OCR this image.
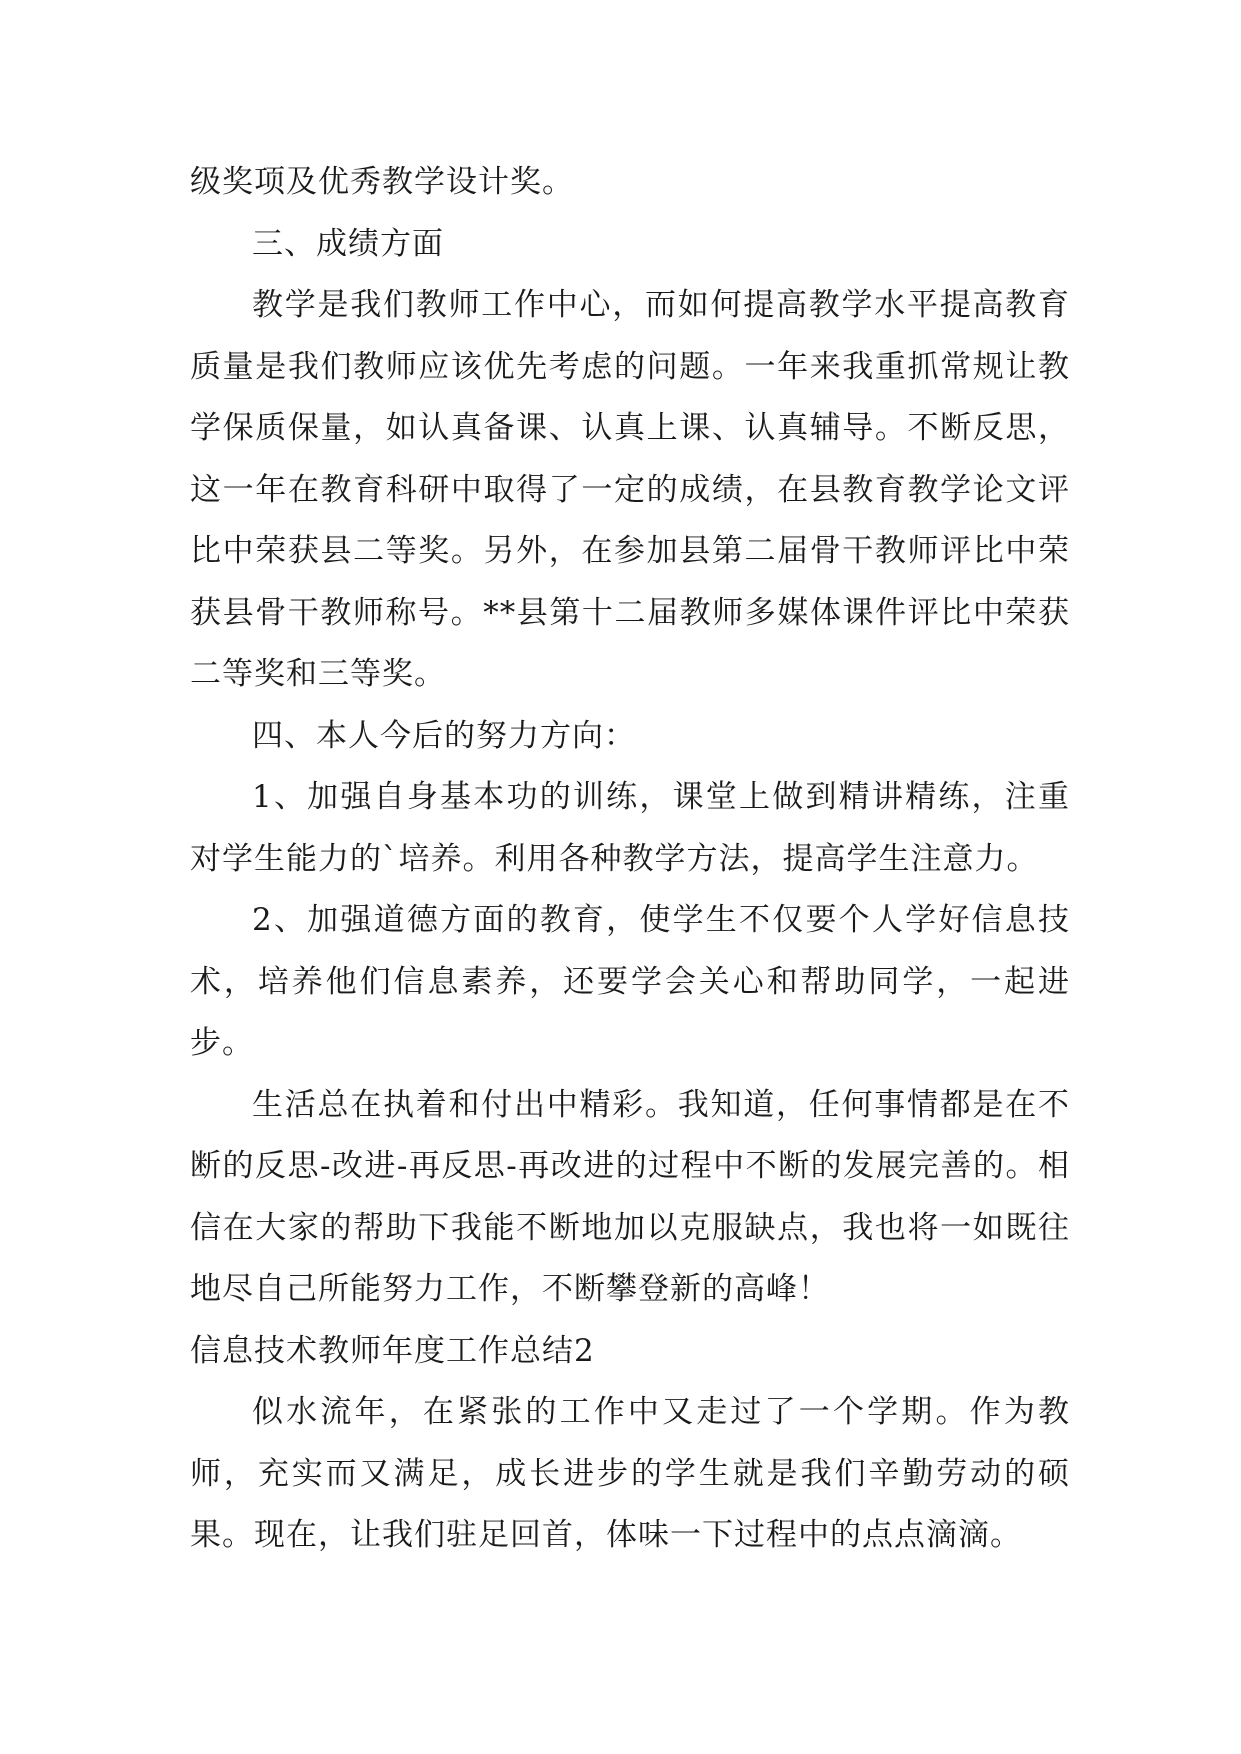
级奖项及优秀教学设计奖。

三、成绩方面

教学是我们教师工作中心，而如何提高教学水平提高教育质量是我们教师应该优先考虑的问题。一年来我重抓常规让教学保质保量，如认真备课、认真上课、认真辅导。不断反思，这一年在教育科研中取得了一定的成绩，在县教育教学论文评比中荣获县二等奖。另外，在参加县第二届骨干教师评比中荣获县骨干教师称号。**县第十二届教师多媒体课件评比中荣获二等奖和三等奖。

四、本人今后的努力方向：

1、加强自身基本功的训练，课堂上做到精讲精练，注重对学生能力的`培养。利用各种教学方法，提高学生注意力。

2、加强道德方面的教育，使学生不仅要个人学好信息技术，培养他们信息素养，还要学会关心和帮助同学，一起进步。

生活总在执着和付出中精彩。我知道，任何事情都是在不断的反思-改进-再反思-再改进的过程中不断的发展完善的。相信在大家的帮助下我能不断地加以克服缺点，我也将一如既往地尽自己所能努力工作，不断攀登新的高峰！

信息技术教师年度工作总结2

似水流年，在紧张的工作中又走过了一个学期。作为教师，充实而又满足，成长进步的学生就是我们辛勤劳动的硕果。现在，让我们驻足回首，体味一下过程中的点点滴滴。
